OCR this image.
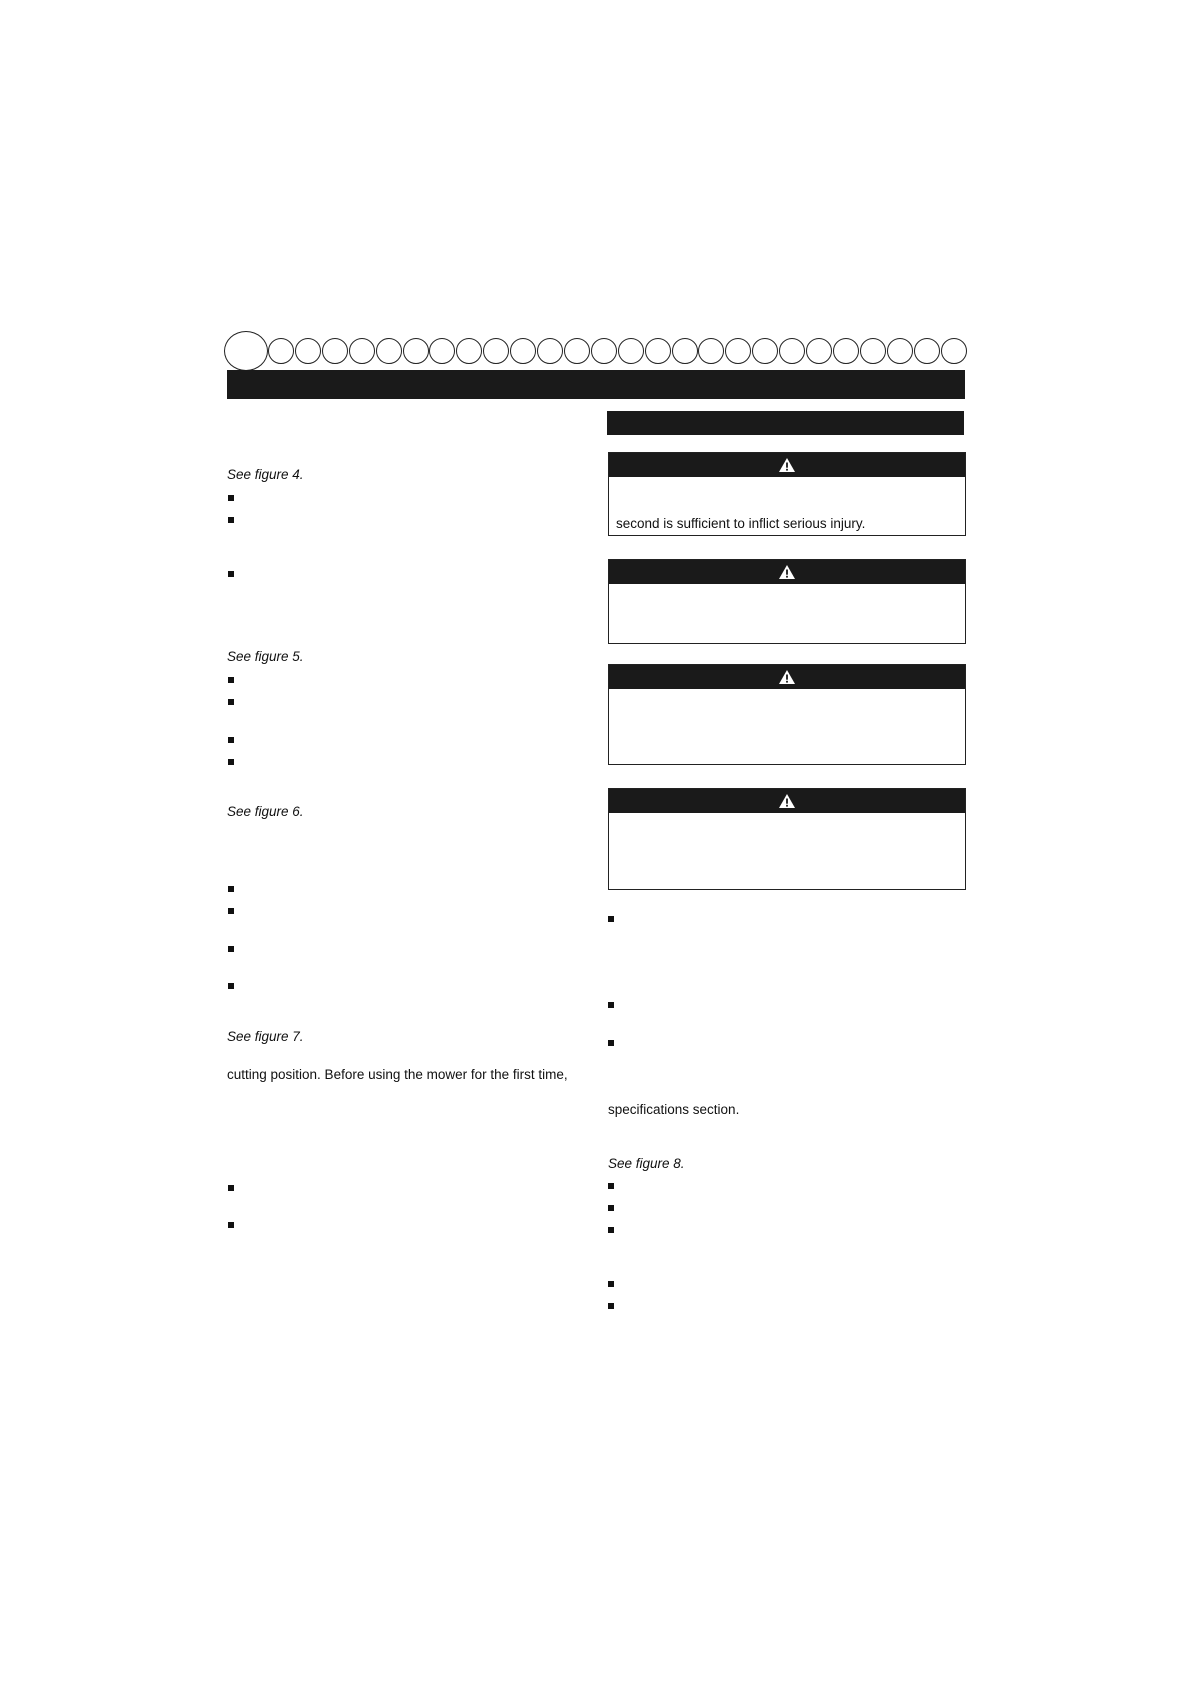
See figure 4.
See figure 5.
See figure 6.
See figure 7.
cutting position. Before using the mower for the first time,
second is sufficient to inflict serious injury.
specifications section.
See figure 8.
